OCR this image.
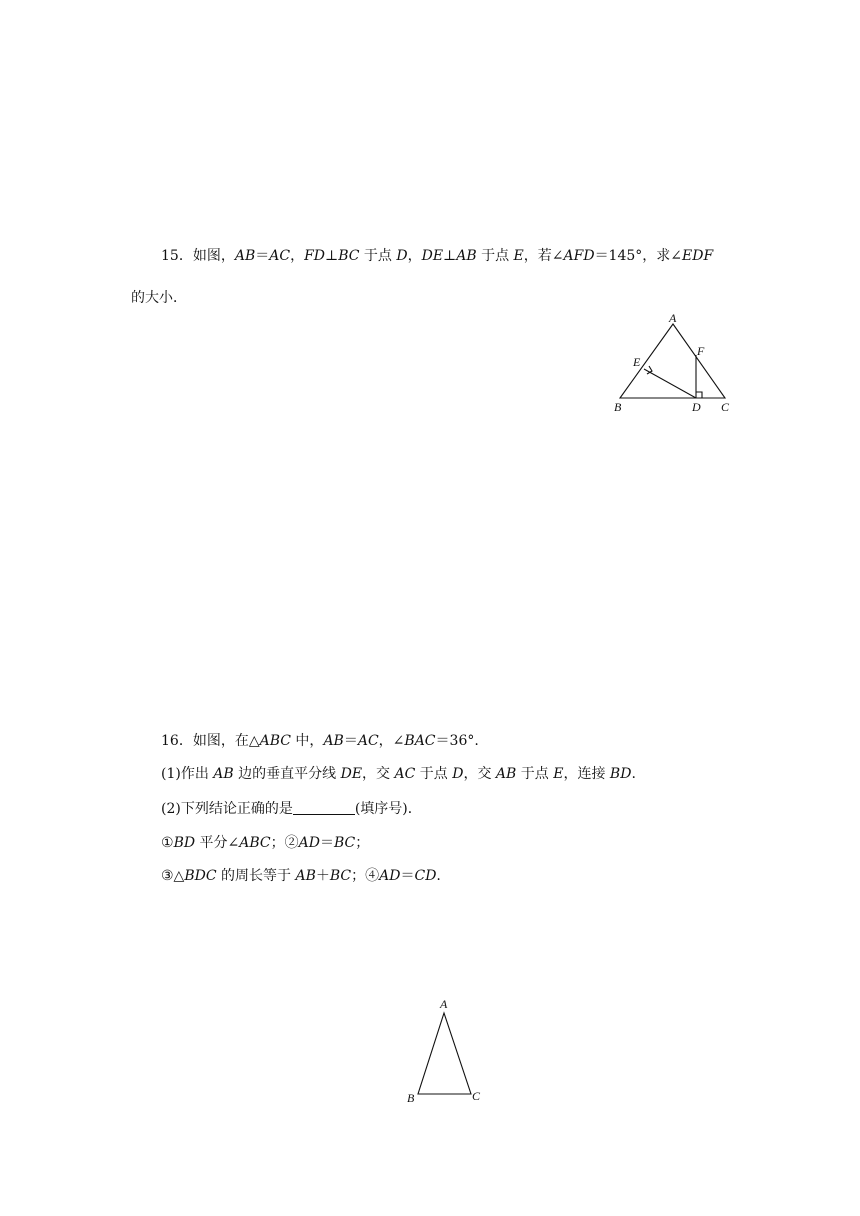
15．如图，AB＝AC，FD⊥BC 于点 D，DE⊥AB 于点 E，若∠AFD＝145°，求∠EDF
的大小．
A
B	C
D
E
F
16．如图，在△ABC 中，AB＝AC，∠BAC＝36°.
(1)作出 AB 边的垂直平分线 DE，交 AC 于点 D，交 AB 于点 E，连接 BD.
(2)下列结论正确的是	(填序号)．
①BD 平分∠ABC；②AD＝BC；
③△BDC 的周长等于 AB＋BC；④AD＝CD.
A
B	C
